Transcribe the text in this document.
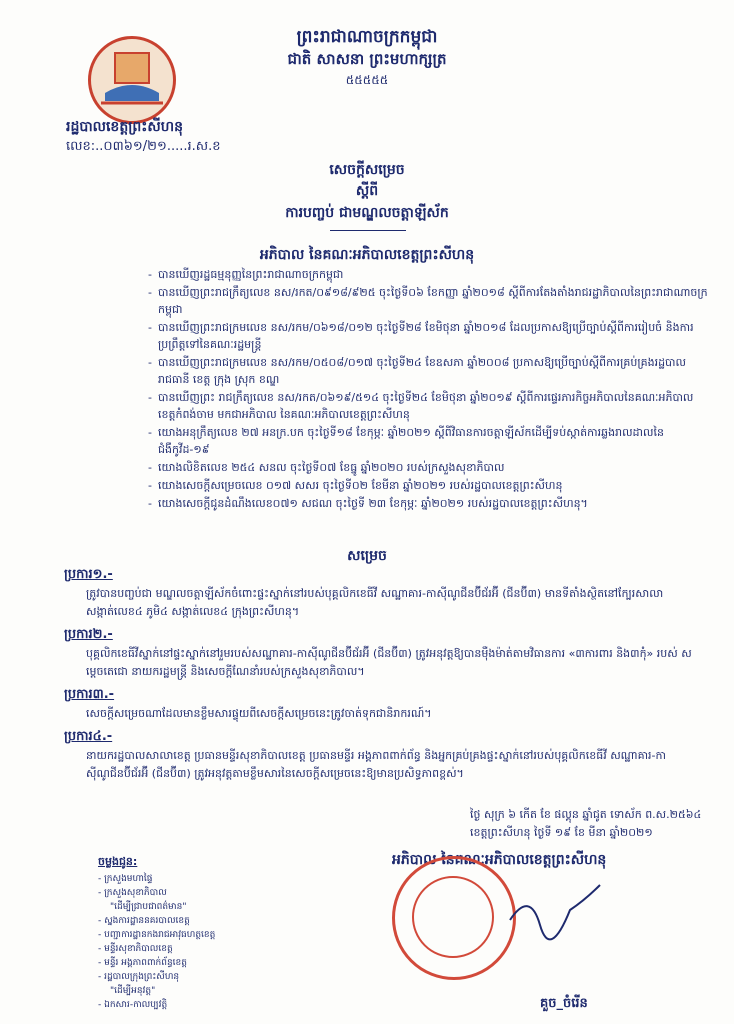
ព្រះរាជាណាចក្រកម្ពុជា
ជាតិ សាសនា ព្រះមហាក្សត្រ
៥៥៥៥៥
រដ្ឋបាលខេត្តព្រះសីហនុ
លេខ:..០៣៦១/២១.....រ.ស.ខ
សេចក្តីសម្រេច
ស្តីពី
ការបញ្ចប់ ជាមណ្ឌលចត្តាឡីស័ក
អភិបាល នៃគណៈអភិបាលខេត្តព្រះសីហនុ
- បានឃើញរដ្ឋធម្មនុញ្ញនៃព្រះរាជាណាចក្រកម្ពុជា
- បានឃើញព្រះរាជក្រឹត្យលេខ នស/រកត/០៩១៨/៩២៥ ចុះថ្ងៃទី០៦ ខែកញ្ញា ឆ្នាំ២០១៨ ស្តីពីការតែងតាំងរាជរដ្ឋាភិបាលនៃព្រះរាជាណាចក្រកម្ពុជា
- បានឃើញព្រះរាជក្រមលេខ នស/រកម/០៦១៨/០១២ ចុះថ្ងៃទី២៨ ខែមិថុនា ឆ្នាំ២០១៨ ដែលប្រកាសឱ្យប្រើច្បាប់ស្តីពីការរៀបចំ និងការប្រព្រឹត្តទៅនៃគណៈរដ្ឋមន្ត្រី
- បានឃើញព្រះរាជក្រមលេខ នស/រកម/០៥០៨/០១៧ ចុះថ្ងៃទី២៤ ខែឧសភា ឆ្នាំ២០០៨ ប្រកាសឱ្យប្រើច្បាប់ស្តីពីការគ្រប់គ្រងរដ្ឋបាលរាជធានី ខេត្ត ក្រុង ស្រុក ខណ្ឌ
- បានឃើញព្រះ រាជក្រឹត្យលេខ នស/រកត/០៦១៩/៥១៤ ចុះថ្ងៃទី២៤ ខែមិថុនា ឆ្នាំ២០១៩ ស្តីពីការផ្ទេរភារកិច្ចអភិបាលនៃគណៈអភិបាលខេត្តកំពង់ចាម មកជាអភិបាល នៃគណៈអភិបាលខេត្តព្រះសីហនុ
- យោងអនុក្រឹត្យលេខ ២៧ អនក្រ.បក ចុះថ្ងៃទី១៨ ខែកុម្ភៈ ឆ្នាំ២០២១ ស្តីពីវិធានការចត្តាឡីស័កដើម្បីទប់ស្កាត់ការឆ្លងរាលដាលនៃជំងឺកូវីដ-១៩
- យោងលិខិតលេខ ២៥៤ សនល ចុះថ្ងៃទី០៧ ខែធ្នូ ឆ្នាំ២០២០ របស់ក្រសួងសុខាភិបាល
- យោងសេចក្តីសម្រេចលេខ ០១៧ សសរ ចុះថ្ងៃទី០២ ខែមីនា ឆ្នាំ២០២១ របស់រដ្ឋបាលខេត្តព្រះសីហនុ
- យោងសេចក្តីជូនដំណឹងលេខ០៧១ សជណ ចុះថ្ងៃទី ២៣ ខែកុម្ភៈ ឆ្នាំ២០២១ របស់រដ្ឋបាលខេត្តព្រះសីហនុ។
សម្រេច
ប្រការ១.-
ត្រូវបានបញ្ចប់ជា មណ្ឌលចត្តាឡីស័កចំពោះផ្ទះស្នាក់នៅរបស់បុគ្គលិកខេធីវី សណ្ឋាគារ-កាស៊ីណូជីនប៊ីជ័រអ៊ី (ជីនប៊ី៣) មានទីតាំងស្ថិតនៅក្បែរសាលាសង្កាត់លេខ៤ ភូមិ៤ សង្កាត់លេខ៤ ក្រុងព្រះសីហនុ។
ប្រការ២.-
បុគ្គលិកខេធីវីស្នាក់នៅផ្ទះស្នាក់នៅរួមរបស់សណ្ឋាគារ-កាស៊ីណូជីនប៊ីជ័រអ៊ី (ជីនប៊ី៣) ត្រូវអនុវត្តឱ្យបានម៉ឺងម៉ាត់តាមវិធានការ «៣ការពារ និង៣កុំ» របស់ សម្តេចតេជោ នាយករដ្ឋមន្ត្រី និងសេចក្តីណែនាំរបស់ក្រសួងសុខាភិបាល។
ប្រការ៣.-
សេចក្តីសម្រេចណាដែលមានខ្លឹមសារផ្ទុយពីសេចក្តីសម្រេចនេះត្រូវចាត់ទុកជានិរាករណ៍។
ប្រការ៤.-
នាយករដ្ឋបាលសាលាខេត្ត ប្រធានមន្ទីរសុខាភិបាលខេត្ត ប្រធានមន្ទីរ អង្គភាពពាក់ព័ន្ធ និងអ្នកគ្រប់គ្រងផ្ទះស្នាក់នៅរបស់បុគ្គលិកខេធីវី សណ្ឋាគារ-កាស៊ីណូជីនប៊ីជ័រអ៊ី (ជីនប៊ី៣) ត្រូវអនុវត្តតាមខ្លឹមសារនៃសេចក្តីសម្រេចនេះឱ្យមានប្រសិទ្ធភាពខ្ពស់។
ថ្ងៃ សុក្រ ៦ កើត ខែ ផល្គុន ឆ្នាំជូត ទោស័ក ព.ស.២៥៦៤
ខេត្តព្រះសីហនុ ថ្ងៃទី ១៩ ខែ មីនា ឆ្នាំ២០២១
អភិបាល នៃគណៈអភិបាលខេត្តព្រះសីហនុ
គួច_ចំរើន
ចម្លងជូន:
- ក្រសួងមហាផ្ទៃ
- ក្រសួងសុខាភិបាល
"ដើម្បីជ្រាបជាពត៌មាន"
- ស្នងការដ្ឋាននគរបាលខេត្ត
- បញ្ជាការដ្ឋានកងរាជអាវុធហត្ថខេត្ត
- មន្ទីរសុខាភិបាលខេត្ត
- មន្ទីរ អង្គភាពពាក់ព័ន្ធខេត្ត
- រដ្ឋបាលក្រុងព្រះសីហនុ
"ដើម្បីអនុវត្ត"
- ឯកសារ-កាលប្បវត្តិ
